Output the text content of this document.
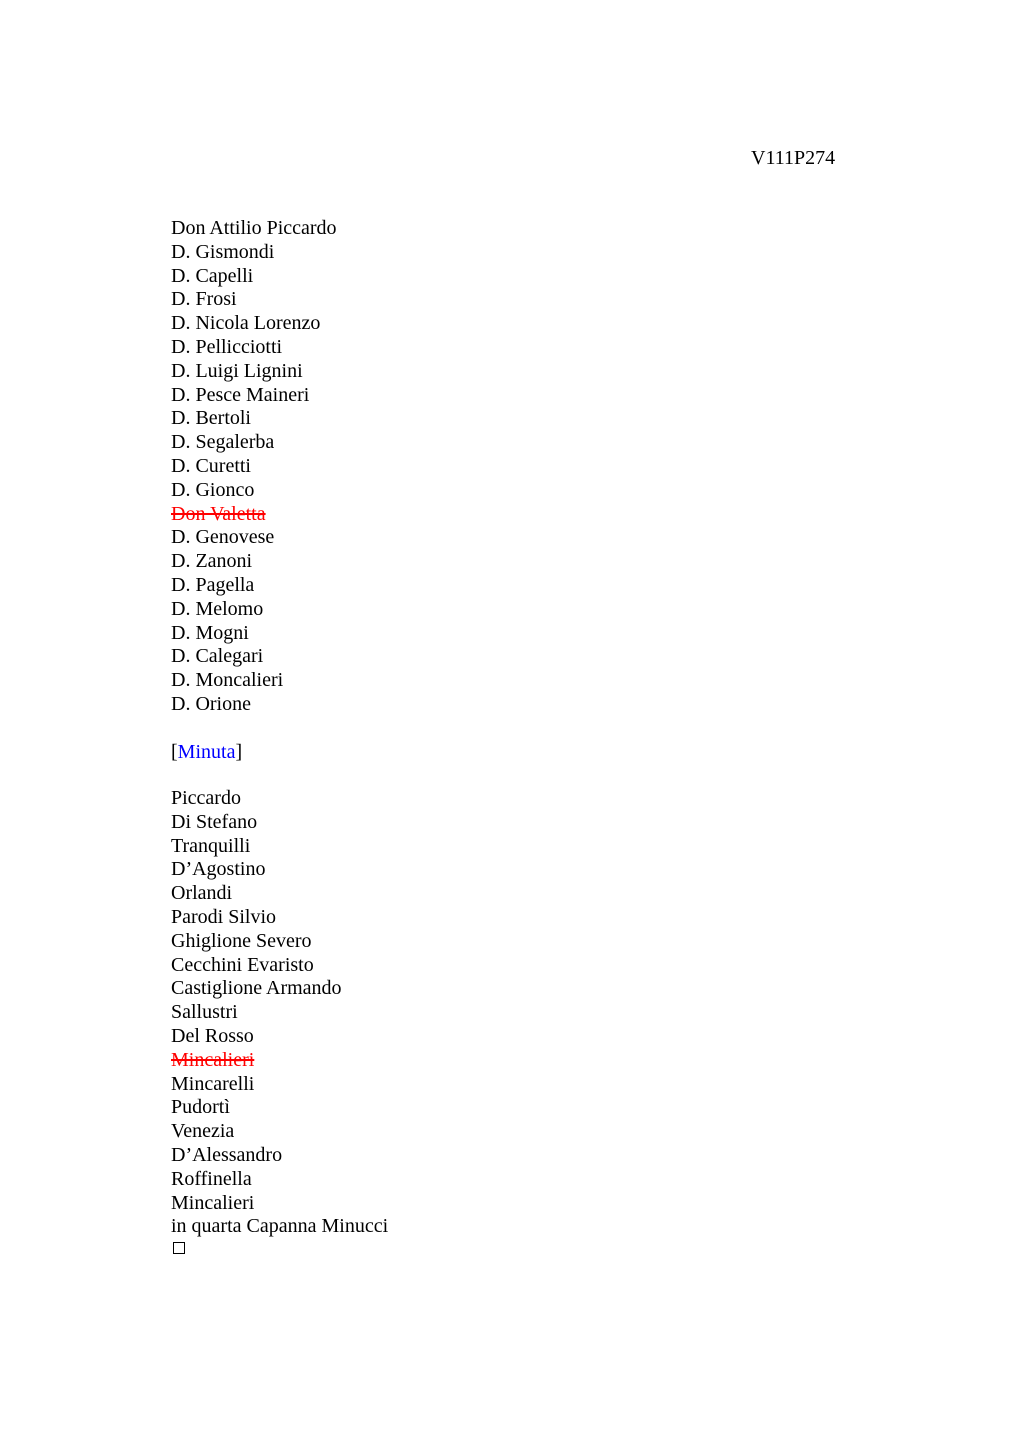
V111P274
Don Attilio Piccardo
D. Gismondi
D. Capelli
D. Frosi
D. Nicola Lorenzo
D. Pellicciotti
D. Luigi Lignini
D. Pesce Maineri
D. Bertoli
D. Segalerba
D. Curetti
D. Gionco
Don Valetta
D. Genovese
D. Zanoni
D. Pagella
D. Melomo
D. Mogni
D. Calegari
D. Moncalieri
D. Orione
[Minuta]
Piccardo
Di Stefano
Tranquilli
D’Agostino
Orlandi
Parodi Silvio
Ghiglione Severo
Cecchini Evaristo
Castiglione Armando
Sallustri
Del Rosso
Mincalieri
Mincarelli
Pudortì
Venezia
D’Alessandro
Roffinella
Mincalieri
in quarta Capanna Minucci
